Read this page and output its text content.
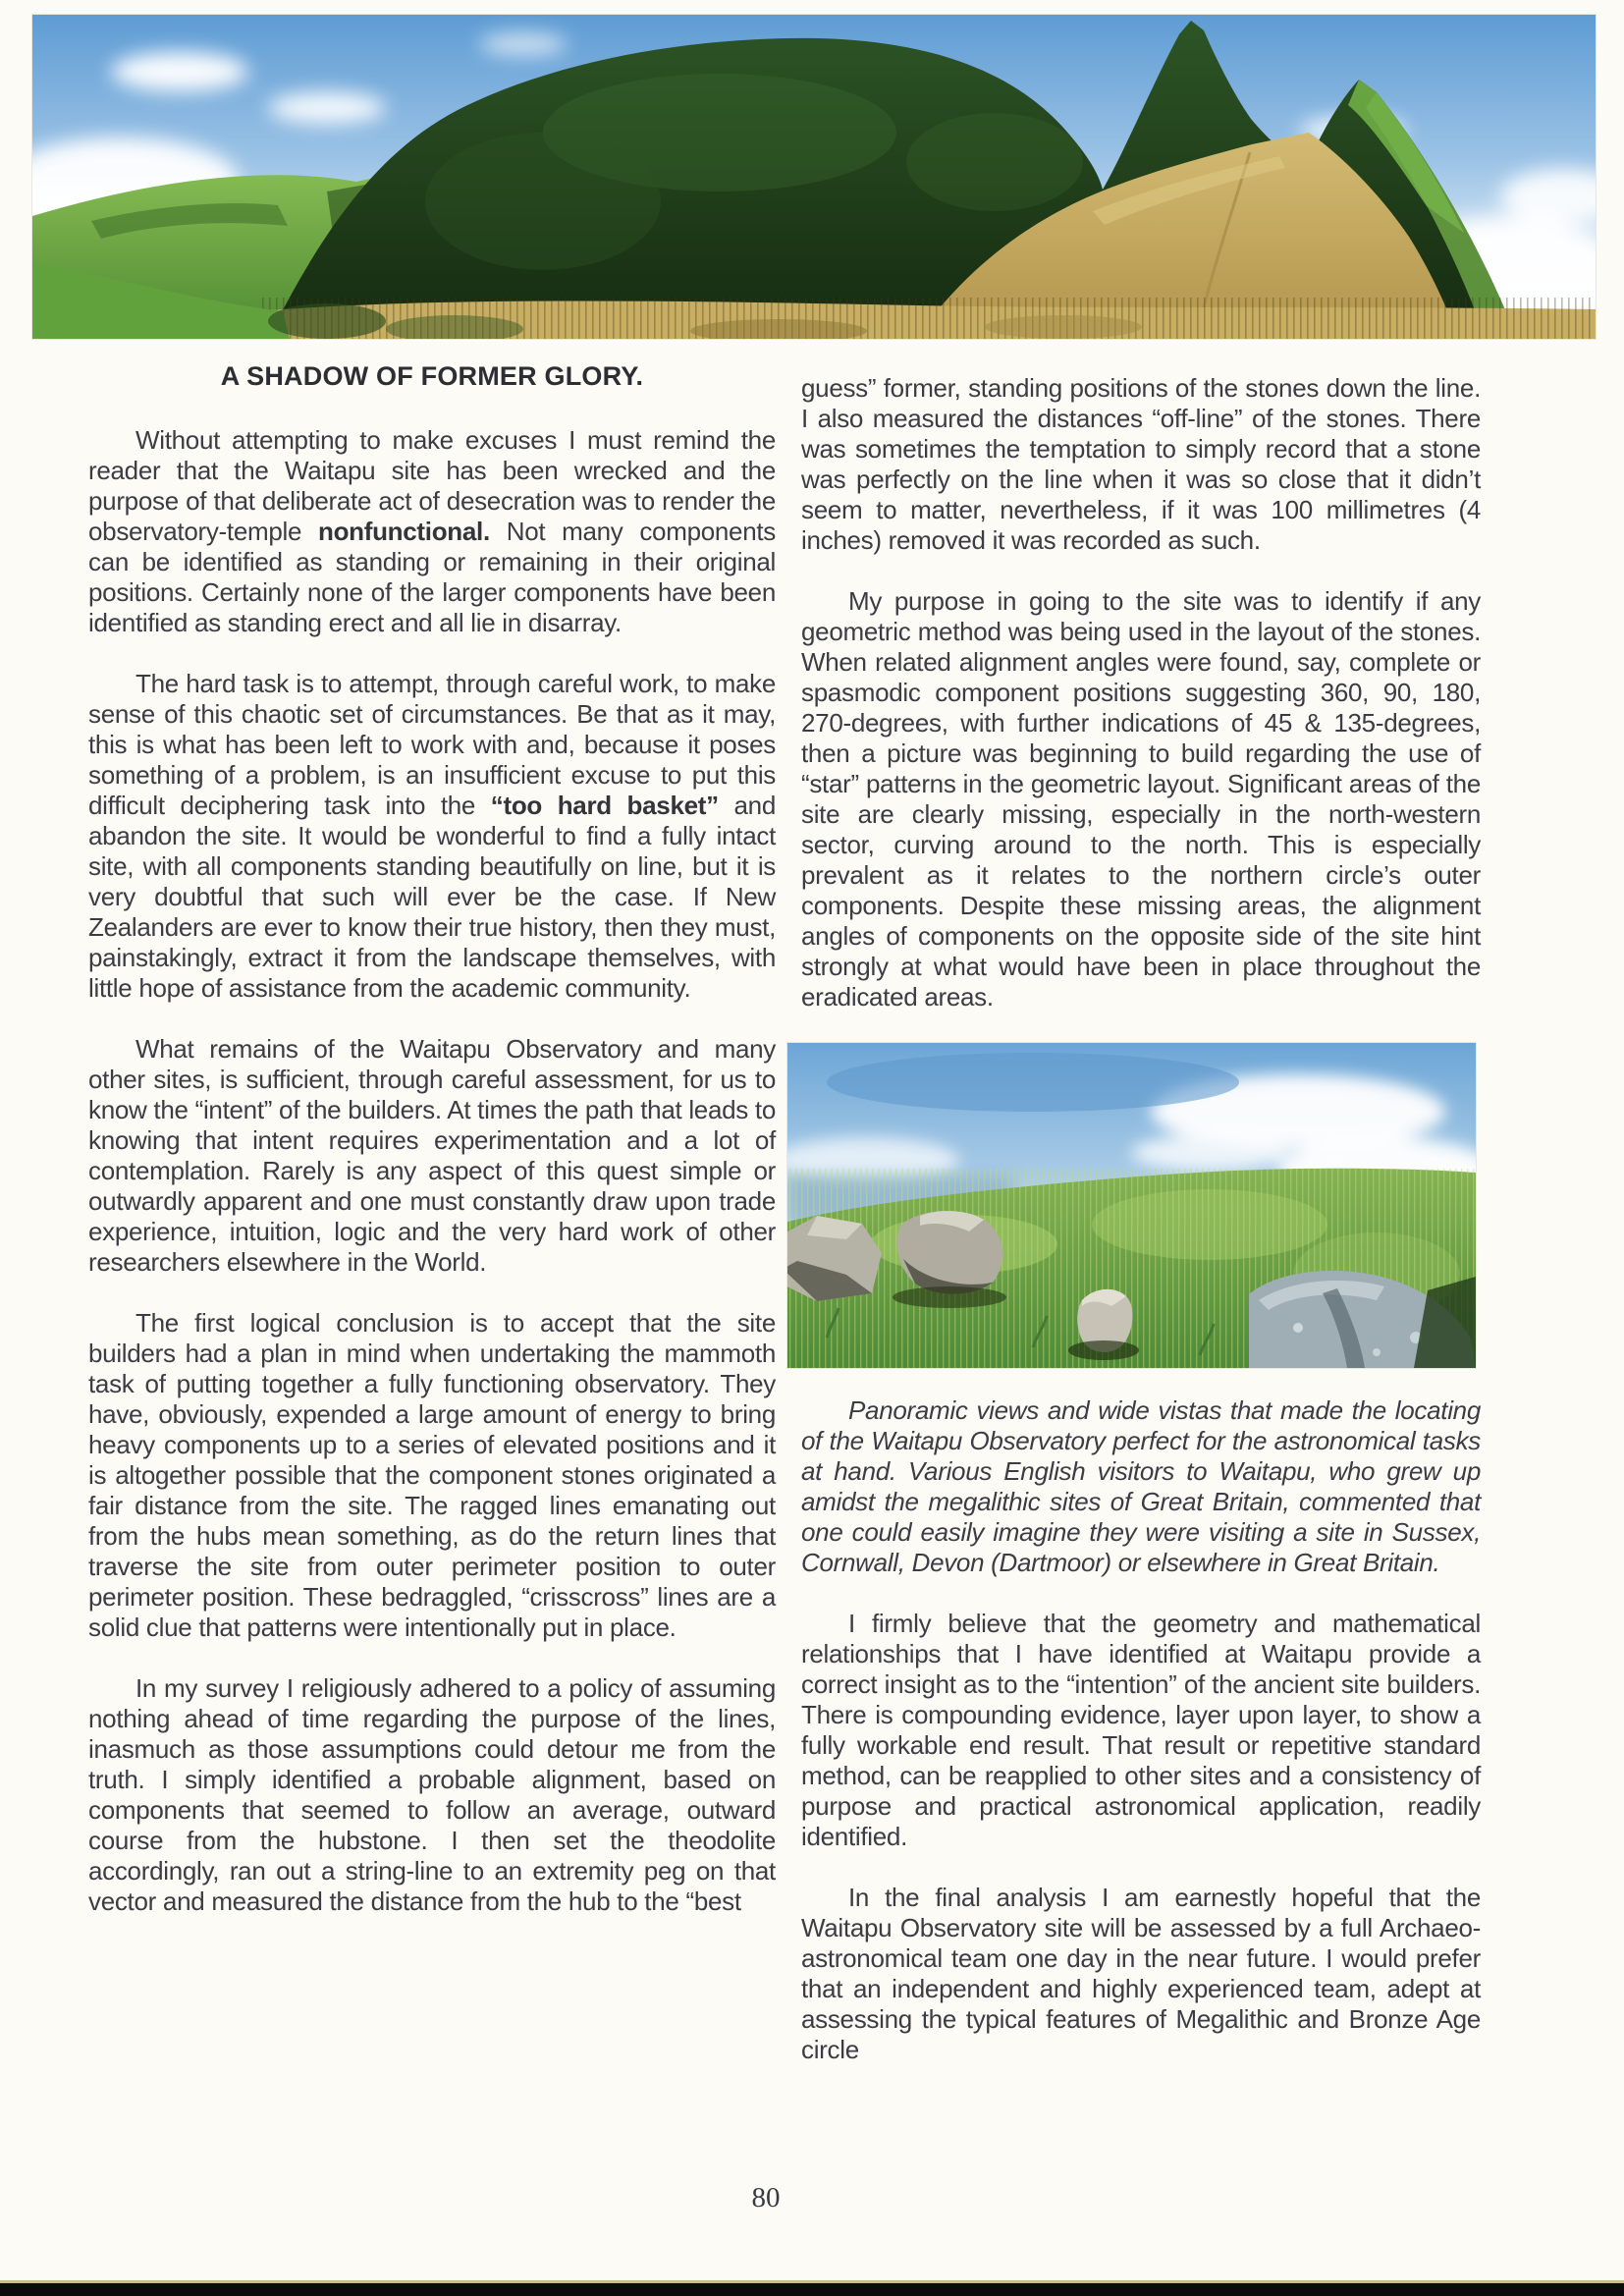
A SHADOW OF FORMER GLORY.

Without attempting to make excuses I must remind the reader that the Waitapu site has been wrecked and the purpose of that deliberate act of desecration was to render the observatory-temple nonfunctional. Not many components can be identified as standing or remaining in their original positions. Certainly none of the larger components have been identified as standing erect and all lie in disarray.

The hard task is to attempt, through careful work, to make sense of this chaotic set of circumstances. Be that as it may, this is what has been left to work with and, because it poses something of a problem, is an insufficient excuse to put this difficult deciphering task into the “too hard basket” and abandon the site. It would be wonderful to find a fully intact site, with all components standing beautifully on line, but it is very doubtful that such will ever be the case. If New Zealanders are ever to know their true history, then they must, painstakingly, extract it from the landscape themselves, with little hope of assistance from the academic community.

What remains of the Waitapu Observatory and many other sites, is sufficient, through careful assessment, for us to know the “intent” of the builders. At times the path that leads to knowing that intent requires experimentation and a lot of contemplation. Rarely is any aspect of this quest simple or outwardly apparent and one must constantly draw upon trade experience, intuition, logic and the very hard work of other researchers elsewhere in the World.

The first logical conclusion is to accept that the site builders had a plan in mind when undertaking the mammoth task of putting together a fully functioning observatory. They have, obviously, expended a large amount of energy to bring heavy components up to a series of elevated positions and it is altogether possible that the component stones originated a fair distance from the site. The ragged lines emanating out from the hubs mean something, as do the return lines that traverse the site from outer perimeter position to outer perimeter position. These bedraggled, “crisscross” lines are a solid clue that patterns were intentionally put in place.

In my survey I religiously adhered to a policy of assuming nothing ahead of time regarding the purpose of the lines, inasmuch as those assumptions could detour me from the truth. I simply identified a probable alignment, based on components that seemed to follow an average, outward course from the hubstone. I then set the theodolite accordingly, ran out a string-line to an extremity peg on that vector and measured the distance from the hub to the “best

guess” former, standing positions of the stones down the line. I also measured the distances “off-line” of the stones. There was sometimes the temptation to simply record that a stone was perfectly on the line when it was so close that it didn’t seem to matter, nevertheless, if it was 100 millimetres (4 inches) removed it was recorded as such.

My purpose in going to the site was to identify if any geometric method was being used in the layout of the stones. When related alignment angles were found, say, complete or spasmodic component positions suggesting 360, 90, 180, 270-degrees, with further indications of 45 & 135-degrees, then a picture was beginning to build regarding the use of “star” patterns in the geometric layout. Significant areas of the site are clearly missing, especially in the north-western sector, curving around to the north. This is especially prevalent as it relates to the northern circle’s outer components. Despite these missing areas, the alignment angles of components on the opposite side of the site hint strongly at what would have been in place throughout the eradicated areas.

Panoramic views and wide vistas that made the locating of the Waitapu Observatory perfect for the astronomical tasks at hand. Various English visitors to Waitapu, who grew up amidst the megalithic sites of Great Britain, commented that one could easily imagine they were visiting a site in Sussex, Cornwall, Devon (Dartmoor) or elsewhere in Great Britain.

I firmly believe that the geometry and mathematical relationships that I have identified at Waitapu provide a correct insight as to the “intention” of the ancient site builders. There is compounding evidence, layer upon layer, to show a fully workable end result. That result or repetitive standard method, can be reapplied to other sites and a consistency of purpose and practical astronomical application, readily identified.

In the final analysis I am earnestly hopeful that the Waitapu Observatory site will be assessed by a full Archaeo-astronomical team one day in the near future. I would prefer that an independent and highly experienced team, adept at assessing the typical features of Megalithic and Bronze Age circle

80
